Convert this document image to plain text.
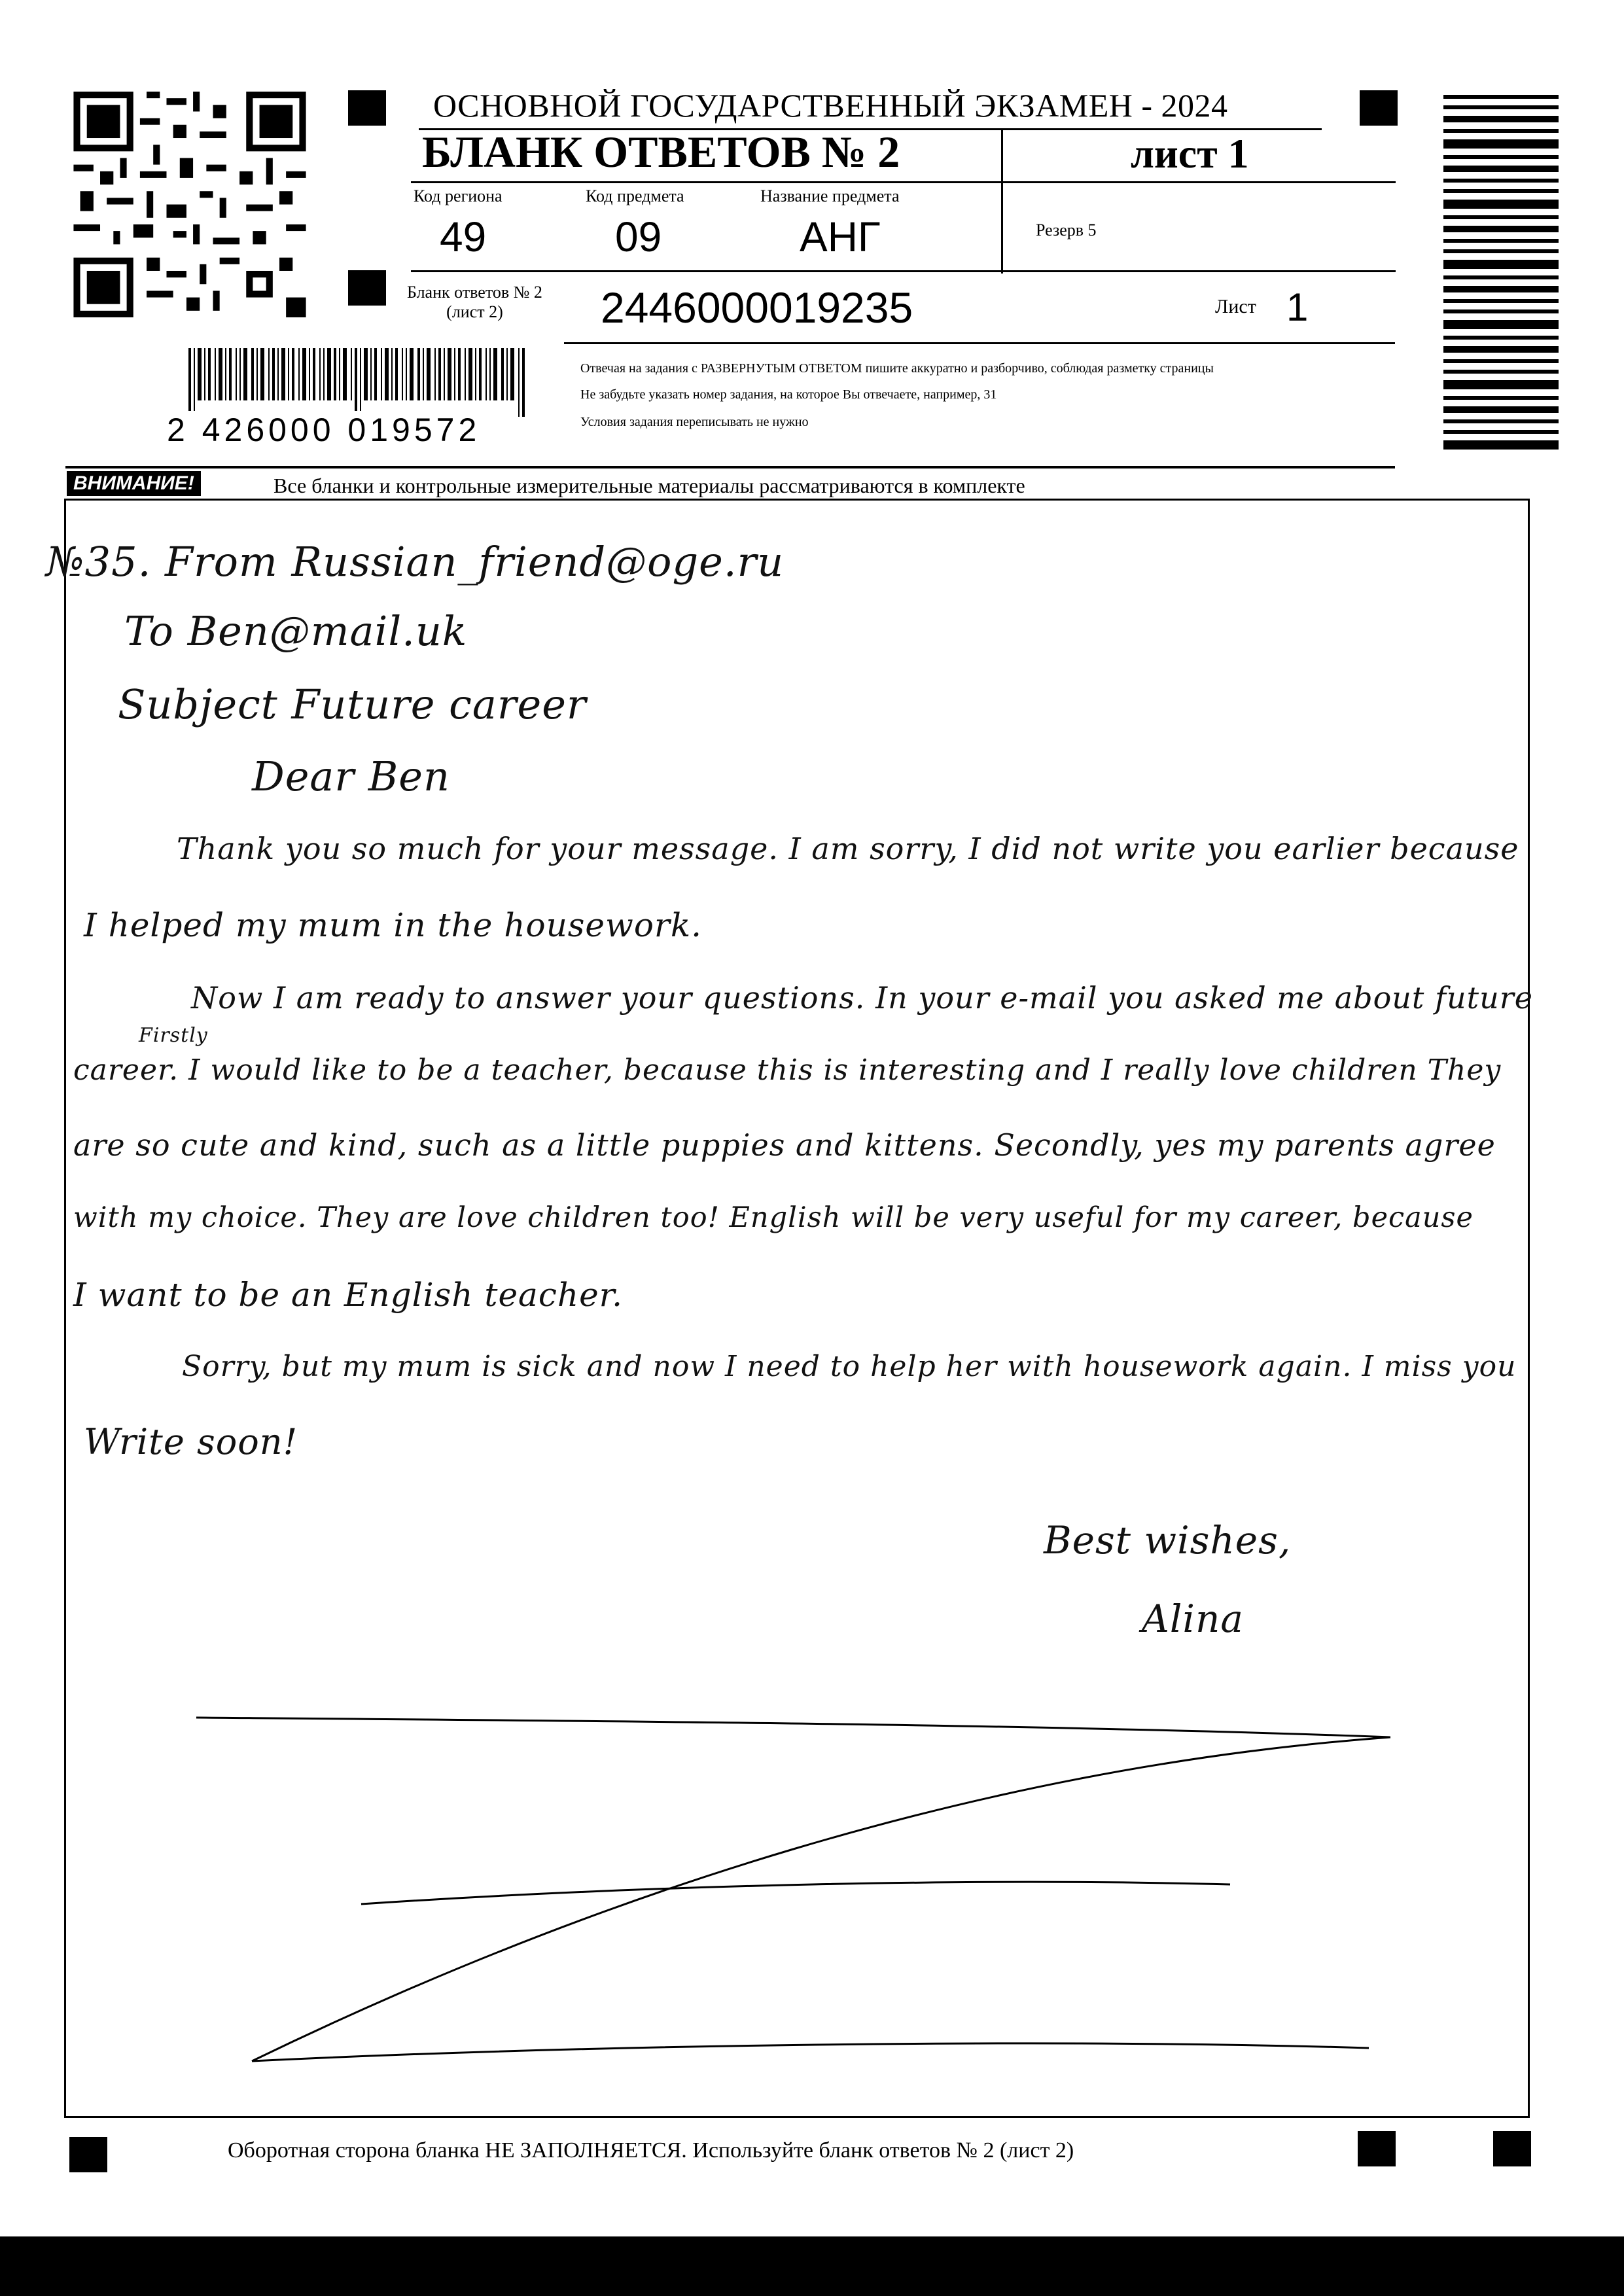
ОСНОВНОЙ ГОСУДАРСТВЕННЫЙ ЭКЗАМЕН - 2024
БЛАНК ОТВЕТОВ № 2	лист 1
Код региона
49
Код предмета
09
Название предмета
АНГ	Резерв 5
Бланк ответов № 2
(лист 2)	2446000019235	Лист 1
2 426000 019572
Отвечая на задания с РАЗВЕРНУТЫМ ОТВЕТОМ пишите аккуратно и разборчиво, соблюдая разметку страницы
Не забудьте указать номер задания, на которое Вы отвечаете, например, 31
Условия задания переписывать не нужно
ВНИМАНИЕ!	Все бланки и контрольные измерительные материалы рассматриваются в комплекте
№35. From Russian_friend@oge.ru
To Ben@mail.uk
Subject Future career
Dear Ben
Thank you so much for your message. I am sorry, I did not write you earlier because
I helped my mum in the housework.
Now I am ready to answer your questions. In your e-mail you asked me about future
Firstly
career. I would like to be a teacher, because this is interesting and I really love children They
are so cute and kind, such as a little puppies and kittens. Secondly, yes my parents agree
with my choice. They are love children too! English will be very useful for my career, because
I want to be an English teacher.
Sorry, but my mum is sick and now I need to help her with housework again. I miss you
Write soon!
Best wishes,
Alina
Оборотная сторона бланка НЕ ЗАПОЛНЯЕТСЯ. Используйте бланк ответов № 2 (лист 2)
